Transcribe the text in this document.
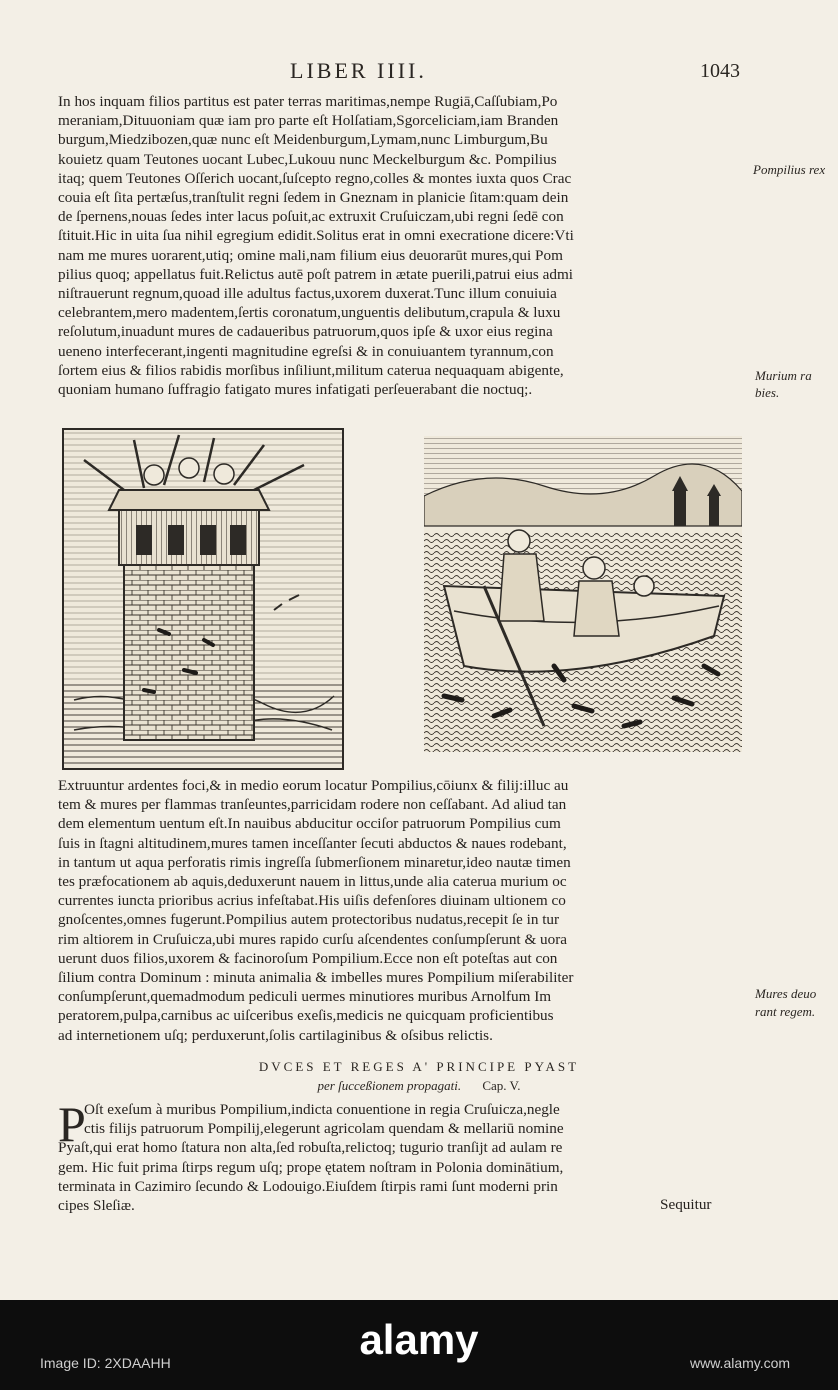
LIBER IIII.	1043
In hos inquam filios partitus est pater terras maritimas,nempe Rugiā,Caſſubiam,Po
meraniam,Dituuoniam quæ iam pro parte eſt Holſatiam,Sgorceliciam,iam Branden
burgum,Miedzibozen,quæ nunc eſt Meidenburgum,Lymam,nunc Limburgum,Bu
kouietz quam Teutones uocant Lubec,Lukouu nunc Meckelburgum &c. Pompilius
itaq; quem Teutones Oſſerich uocant,ſuſcepto regno,colles & montes iuxta quos Crac
couia eſt ſita pertæſus,tranſtulit regni ſedem in Gneznam in planicie ſitam:quam dein
de ſpernens,nouas ſedes inter lacus poſuit,ac extruxit Cruſuiczam,ubi regni ſedē con
ſtituit.Hic in uita ſua nihil egregium edidit.Solitus erat in omni execratione dicere:Vti
nam me mures uorarent,utiq; omine mali,nam filium eius deuorarūt mures,qui Pom
pilius quoq; appellatus fuit.Relictus autē poſt patrem in ætate puerili,patrui eius admi
niſtrauerunt regnum,quoad ille adultus factus,uxorem duxerat.Tunc illum conuiuia
celebrantem,mero madentem,ſertis coronatum,unguentis delibutum,crapula & luxu
reſolutum,inuadunt mures de cadaueribus patruorum,quos ipſe & uxor eius regina
ueneno interfecerant,ingenti magnitudine egreſsi & in conuiuantem tyrannum,con
ſortem eius & filios rabidis morſibus inſiliunt,militum caterua nequaquam abigente,
quoniam humano ſuffragio fatigato mures infatigati perſeuerabant die noctuq;.
Pompilius rex
Murium ra
bies.
Extruuntur ardentes foci,& in medio eorum locatur Pompilius,cōiunx & filij:illuc au
tem & mures per flammas tranſeuntes,parricidam rodere non ceſſabant. Ad aliud tan
dem elementum uentum eſt.In nauibus abducitur occiſor patruorum Pompilius cum
ſuis in ſtagni altitudinem,mures tamen inceſſanter ſecuti abductos & naues rodebant,
in tantum ut aqua perforatis rimis ingreſſa ſubmerſionem minaretur,ideo nautæ timen
tes præfocationem ab aquis,deduxerunt nauem in littus,unde alia caterua murium oc
currentes iuncta prioribus acrius infeſtabat.His uiſis defenſores diuinam ultionem co
gnoſcentes,omnes fugerunt.Pompilius autem protectoribus nudatus,recepit ſe in tur
rim altiorem in Cruſuicza,ubi mures rapido curſu aſcendentes conſumpſerunt & uora
uerunt duos filios,uxorem & facinoroſum Pompilium.Ecce non eſt poteſtas aut con
ſilium contra Dominum : minuta animalia & imbelles mures Pompilium miſerabiliter
conſumpſerunt,quemadmodum pediculi uermes minutiores muribus Arnolfum Im
peratorem,pulpa,carnibus ac uiſceribus exeſis,medicis ne quicquam proficientibus
ad internetionem uſq; perduxerunt,ſolis cartilaginibus & oſsibus relictis.
Mures deuo
rant regem.
DVCES ET REGES A' PRINCIPE PYAST
per ſucceßionem propagati. Cap. V.
P
Oſt exeſum à muribus Pompilium,indicta conuentione in regia Cruſuicza,negle
ctis filijs patruorum Pompilij,elegerunt agricolam quendam & mellariū nomine
Pyaſt,qui erat homo ſtatura non alta,ſed robuſta,relictoq; tugurio tranſijt ad aulam re
gem. Hic fuit prima ſtirps regum uſq; prope ętatem noſtram in Polonia dominātium,
terminata in Cazimiro ſecundo & Lodouigo.Eiuſdem ſtirpis rami ſunt moderni prin
cipes Sleſiæ.	Sequitur
alamy
Image ID: 2XDAAHH	www.alamy.com
